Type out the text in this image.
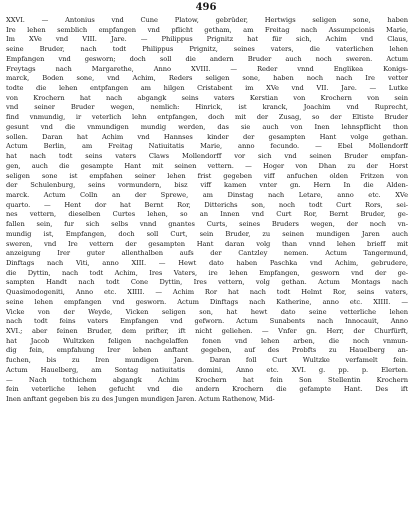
496
XXVI. — Antonius vnd Cune Platow, gebrüder, Hertwigs seligen sone, haben
Ire lehen semblich empfangen vnd pflicht getham, am Freitag nach Assumpcionis Marie,
Im XVe vnd VIII. Jare. — Philippus Prignitz hat für sich, Achim vnd Claus,
seine Bruder, nach todt Philippus Prignitz, seines vaters, die vaterlichen lehen
Empfangen vnd gesworn; doch soll die andern Bruder auch noch sweren. Actum
Freytags nach Margarethe, Anno XVIII. — Reder vnnd Englikea Konigs-
marck, Boden sone, vnd Achim, Reders seligen sone, haben noch nach Ire vetter
todte die lehen entpfangen am hilgen Cristabent im XVe vnd VII. Jare. — Lutke
von Krochern hat nach abgangk seins vaters Kerstian von Krochern von sein
vnd seiner Bruder wegen, nemlich: Hinrick, ist kranck, Joachim vnd Ruprecht,
find vnmundig, ir veterlich lehn entpfangen, doch mit der Zusag, so der Eltiste Bruder
gesunt vnd die vnmundigen mundig werden, das sie auch von Inen lehnspflicht thon
sollen. Daran hat Achim vnd Hannses kinder der gesampten Hant volge gethan.
Actum Berlin, am Freitag Natiuitatis Marie, anno fecundo. — Ebel Mollendorff
hat nach todt seins vaters Claws Mollendorff vor sich vnd seinen Bruder empfan-
gen, auch die gesampte Hant mit seinen vettern. — Hoger von Dhan zu der Horst
seligen sone ist empfahen seiner lehen frist gegeben viff anfuchen olden Fritzen von
der Schulenburg, seins vormundern, bisz viff kamen vnter gn. Hern In die Alden-
marck. Actum Colln an der Sprewe, am Dinstag nach Letare, anno etc. XVe
quarto. — Hent dor hat Bernt Ror, Ditterichs son, noch todt Curt Rors, sei-
nes vettern, dieselben Curtes lehen, so an Innen vnd Curt Ror, Bernt Bruder, ge-
fallen sein, fur sich selbs vnnd gnantes Curts, seines Bruders wegen, der noch vn-
mundig ist, Empfangen, doch soll Curt, sein Bruder, zu seinen mundigen Jaren auch
sweren, vnd Ire vettern der gesampten Hant daran volg than vnnd lehen brieff mit
anzeigung Irer guter allenthalben aufs der Cantzley nemen. Actum Tangermund,
Dinftags nach Viti, anno XIII. — Hewt dato haben Paschka vnd Achim, gebrudere,
die Dyttin, nach todt Achim, Ires Vaters, ire lehen Empfangen, gesworn vnd der ge-
sampten Handt nach todt Cone Dyttin, Ires vettern, volg gethan. Actum Montags nach
Quasimodogeniti, Anno etc. XIIII. — Achim Ror hat nach todt Helmt Ror, seins vaters,
seine lehen empfangen vnd gesworn. Actum Dinftags nach Katherine, anno etc. XIIII. —
Vicke von der Weyde, Vicken seligen son, hat hewt dato seine vetterliche lehen
nach todt feins vaters Empfangen vnd gefworn. Actum Sunabents nach Innocauit, Anno
XVI.; aber feinen Bruder, dem prifter, ift nicht geliehen. — Vnfer gn. Herr, der Churfürft,
hat Jacob Wultzken feligen nachgelaffen fonen vnd lehen arben, die noch vnmun-
dig fein, empfahung Irer lehen anftant gegeben, auf des Probfts zu Hauelberg an-
fuchen, bis zu Iren mundigen Jaren. Daran foll Curt Wultzke verfamelt fein.
Actum Hauelberg, am Sontag natiuitatis domini, Anno etc. XVI. g. pp. p. Elerten.
— Nach tothichem abgangk Achim Krochern hat fein Son Stellentin Krochern
fein veterliche lehen gefucht vnd die andern Krochern die gefampte Hant. Des ift
Inen anftant gegeben bis zu des Jungen mundigen Jaren. Actum Rathenow, Mid-
